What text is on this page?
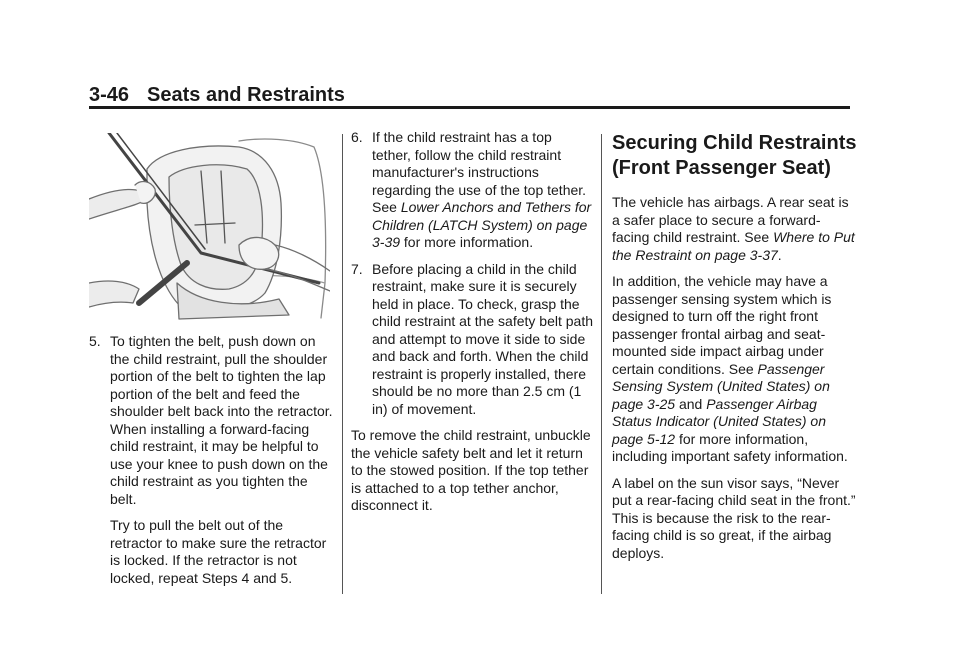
3-46 Seats and Restraints
5. To tighten the belt, push down on the child restraint, pull the shoulder portion of the belt to tighten the lap portion of the belt and feed the shoulder belt back into the retractor. When installing a forward-facing child restraint, it may be helpful to use your knee to push down on the child restraint as you tighten the belt.

Try to pull the belt out of the retractor to make sure the retractor is locked. If the retractor is not locked, repeat Steps 4 and 5.

6. If the child restraint has a top tether, follow the child restraint manufacturer's instructions regarding the use of the top tether. See Lower Anchors and Tethers for Children (LATCH System) on page 3-39 for more information.
7. Before placing a child in the child restraint, make sure it is securely held in place. To check, grasp the child restraint at the safety belt path and attempt to move it side to side and back and forth. When the child restraint is properly installed, there should be no more than 2.5 cm (1 in) of movement.

To remove the child restraint, unbuckle the vehicle safety belt and let it return to the stowed position. If the top tether is attached to a top tether anchor, disconnect it.

Securing Child Restraints (Front Passenger Seat)

The vehicle has airbags. A rear seat is a safer place to secure a forward-facing child restraint. See Where to Put the Restraint on page 3-37.

In addition, the vehicle may have a passenger sensing system which is designed to turn off the right front passenger frontal airbag and seat-mounted side impact airbag under certain conditions. See Passenger Sensing System (United States) on page 3-25 and Passenger Airbag Status Indicator (United States) on page 5-12 for more information, including important safety information.

A label on the sun visor says, “Never put a rear-facing child seat in the front.” This is because the risk to the rear-facing child is so great, if the airbag deploys.
